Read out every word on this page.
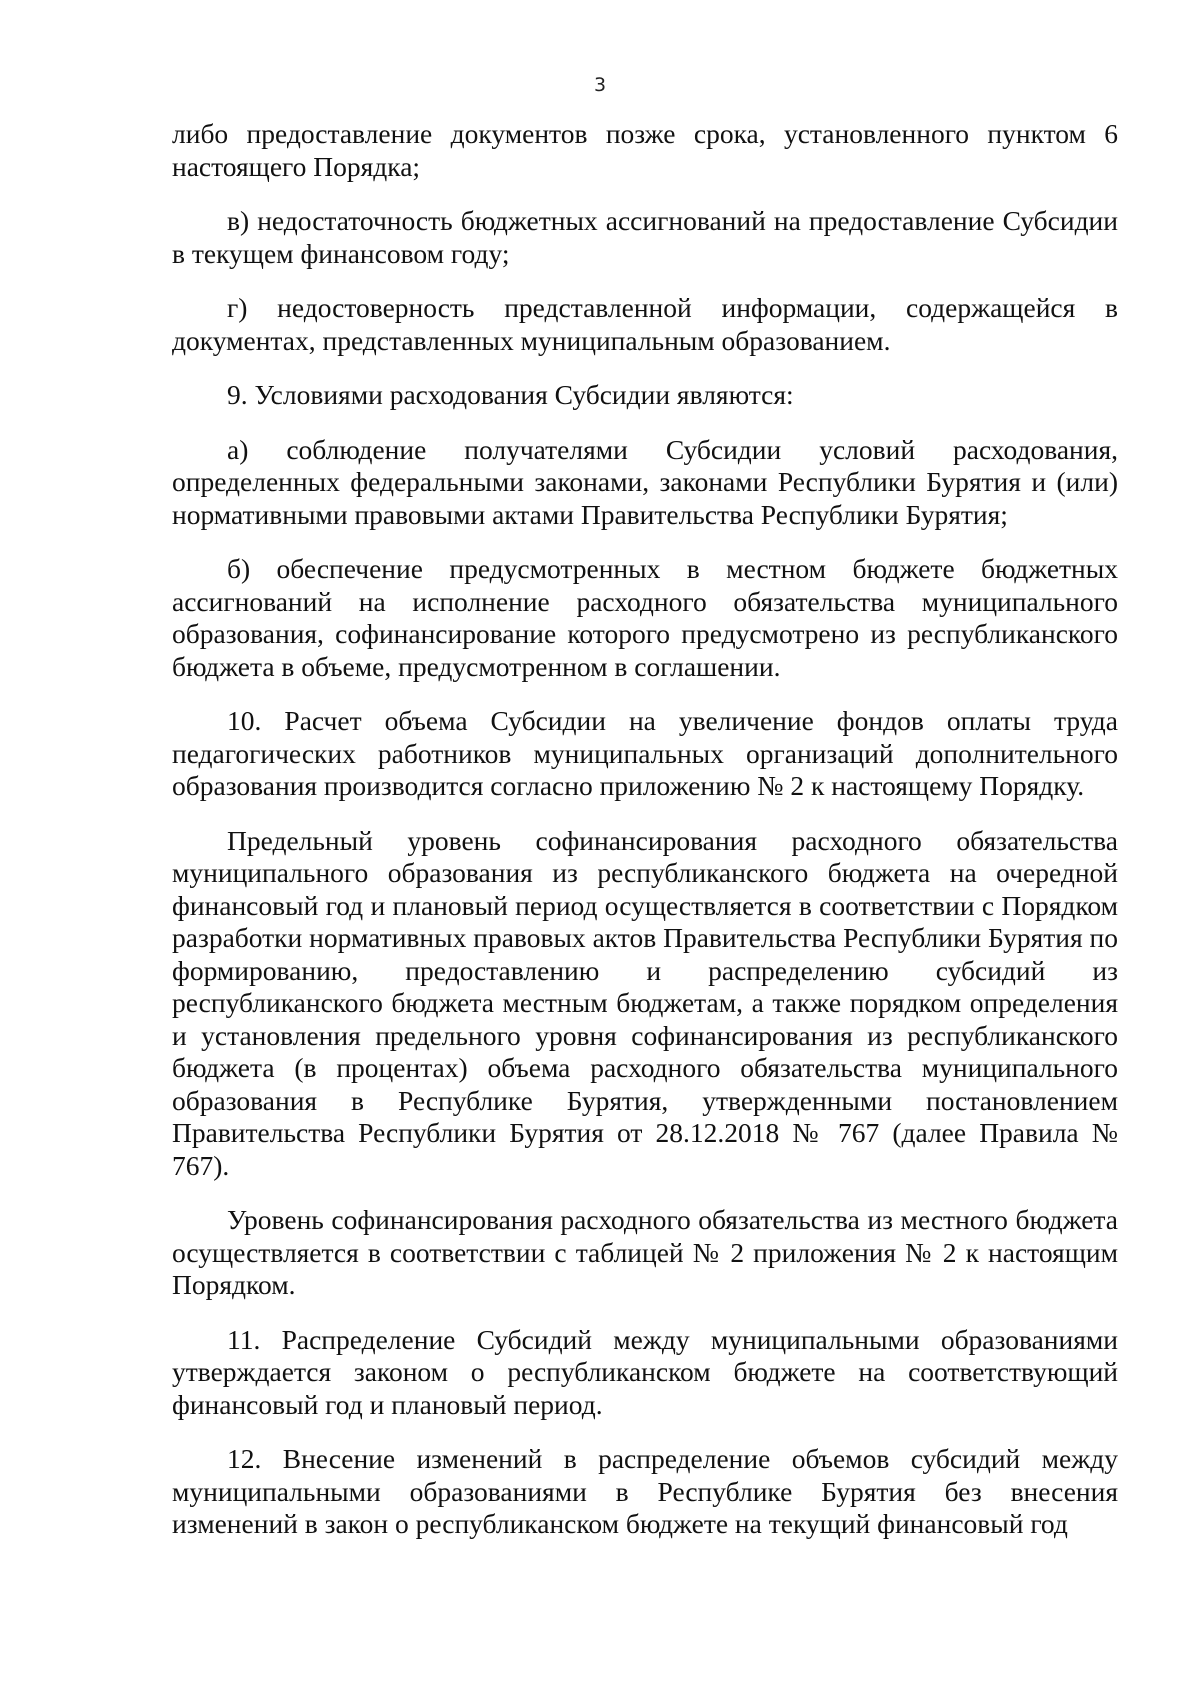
3

либо предоставление документов позже срока, установленного пунктом 6 настоящего Порядка;

в) недостаточность бюджетных ассигнований на предоставление Субсидии в текущем финансовом году;

г) недостоверность представленной информации, содержащейся в документах, представленных муниципальным образованием.

9. Условиями расходования Субсидии являются:

а) соблюдение получателями Субсидии условий расходования, определенных федеральными законами, законами Республики Бурятия и (или) нормативными правовыми актами Правительства Республики Бурятия;

б) обеспечение предусмотренных в местном бюджете бюджетных ассигнований на исполнение расходного обязательства муниципального образования, софинансирование которого предусмотрено из республиканского бюджета в объеме, предусмотренном в соглашении.

10. Расчет объема Субсидии на увеличение фондов оплаты труда педагогических работников муниципальных организаций дополнительного образования производится согласно приложению № 2 к настоящему Порядку.

Предельный уровень софинансирования расходного обязательства муниципального образования из республиканского бюджета на очередной финансовый год и плановый период осуществляется в соответствии с Порядком разработки нормативных правовых актов Правительства Республики Бурятия по формированию, предоставлению и распределению субсидий из республиканского бюджета местным бюджетам, а также порядком определения и установления предельного уровня софинансирования из республиканского бюджета (в процентах) объема расходного обязательства муниципального образования в Республике Бурятия, утвержденными постановлением Правительства Республики Бурятия от 28.12.2018 № 767 (далее Правила № 767).

Уровень софинансирования расходного обязательства из местного бюджета осуществляется в соответствии с таблицей № 2 приложения № 2 к настоящим Порядком.

11. Распределение Субсидий между муниципальными образованиями утверждается законом о республиканском бюджете на соответствующий финансовый год и плановый период.

12. Внесение изменений в распределение объемов субсидий между муниципальными образованиями в Республике Бурятия без внесения изменений в закон о республиканском бюджете на текущий финансовый год
